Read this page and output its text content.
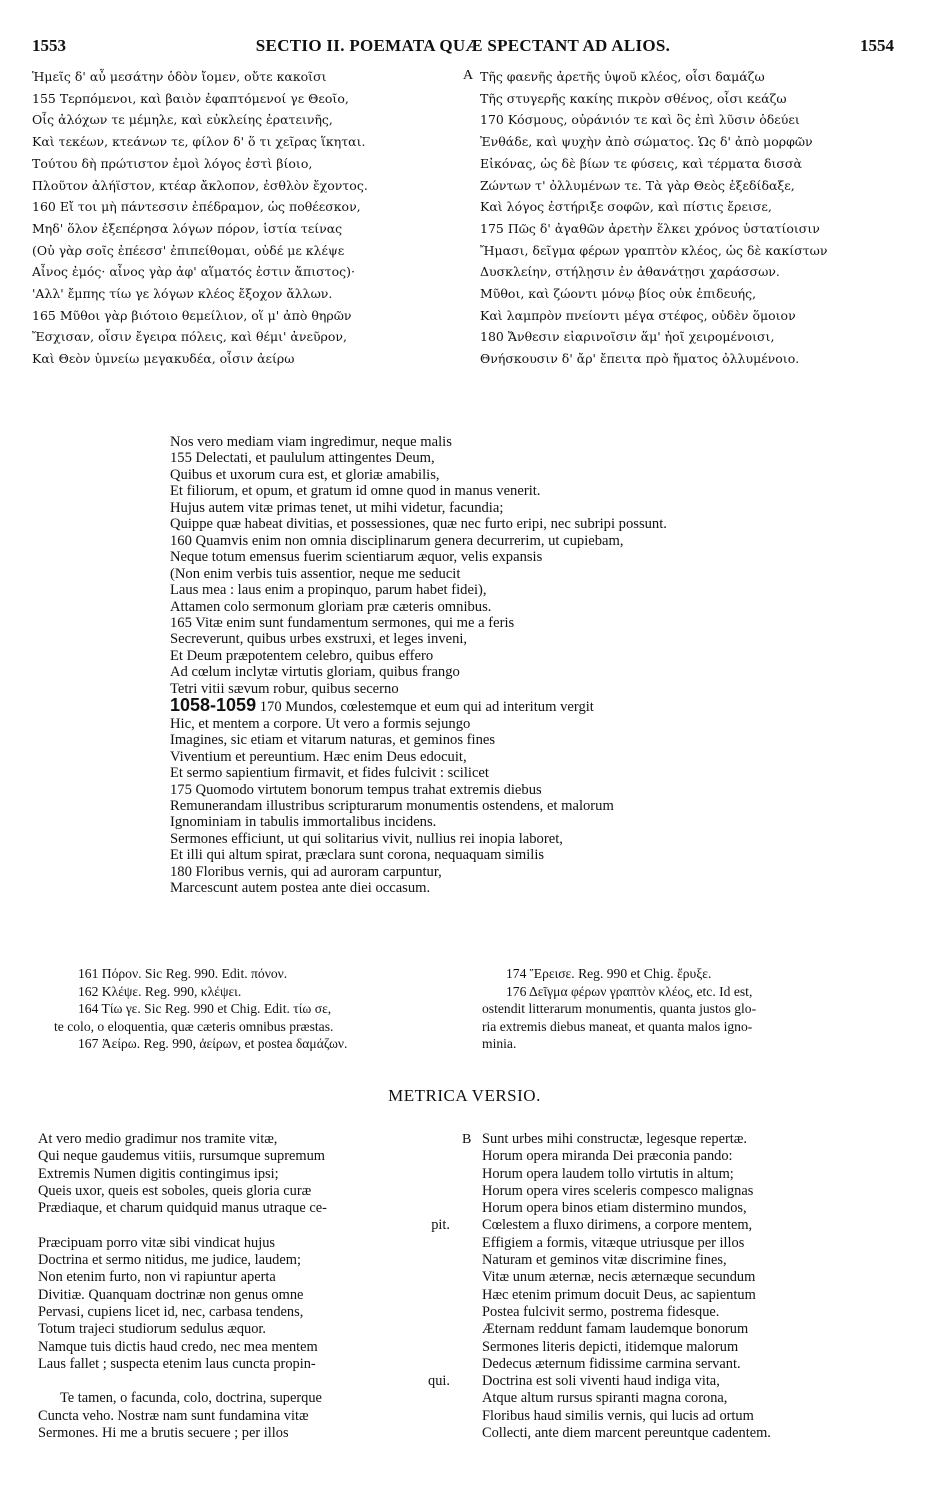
1553	SECTIO II. POEMATA QUÆ SPECTANT AD ALIOS.	1554
Ἡμεῖς δ' αὖ μεσάτην ὁδὸν ἴομεν, οὔτε κακοῖσι
155 Τερπόμενοι, καὶ βαιὸν ἐφαπτόμενοί γε Θεοῖο,
Οἷς ἀλόχων τε μέμηλε, καὶ εὐκλείης ἐρατεινῆς,
Καὶ τεκέων, κτεάνων τε, φίλον δ' ὅ τι χεῖρας ἵκηται.
Τούτου δὴ πρώτιστον ἐμοὶ λόγος ἐστὶ βίοιο,
Πλοῦτον ἀλήϊστον, κτέαρ ἄκλοπον, ἐσθλὸν ἔχοντος.
160 Εἴ τοι μὴ πάντεσσιν ἐπέδραμον, ὡς ποθέεσκον,
Μηδ' ὅλον ἐξεπέρησα λόγων πόρον, ἱστία τείνας
(Οὐ γὰρ σοῖς ἐπέεσσ' ἐπιπείθομαι, οὐδέ με κλέψε
Αἶνος ἐμός· αἶνος γὰρ ἀφ' αἵματός ἐστιν ἄπιστος)·
'Αλλ' ἔμπης τίω γε λόγων κλέος ἔξοχον ἄλλων.
165 Μῦθοι γὰρ βιότοιο θεμείλιον, οἵ μ' ἀπὸ θηρῶν
Ἔσχισαν, οἷσιν ἔγειρα πόλεις, καὶ θέμι' ἀνεῦρον,
Καὶ Θεὸν ὑμνείω μεγακυδέα, οἷσιν ἀείρω
A Τῆς φαενῆς ἀρετῆς ὑψοῦ κλέος, οἷσι δαμάζω
Τῆς στυγερῆς κακίης πικρὸν σθένος, οἷσι κεάζω
170 Κόσμους, οὐράνιόν τε καὶ ὃς ἐπὶ λῦσιν ὁδεύει
Ἐνθάδε, καὶ ψυχὴν ἀπὸ σώματος. Ὡς δ' ἀπὸ μορφῶν
Εἰκόνας, ὡς δὲ βίων τε φύσεις, καὶ τέρματα δισσὰ
Ζώντων τ' ὀλλυμένων τε. Τὰ γὰρ Θεὸς ἐξεδίδαξε,
Καὶ λόγος ἐστήριξε σοφῶν, καὶ πίστις ἔρεισε,
175 Πῶς δ' ἀγαθῶν ἀρετὴν ἕλκει χρόνος ὑστατίοισιν
Ἤμασι, δεῖγμα φέρων γραπτὸν κλέος, ὡς δὲ κακίστων
Δυσκλείην, στήλῃσιν ἐν ἀθανάτῃσι χαράσσων.
Μῦθοι, καὶ ζώοντι μόνῳ βίος οὐκ ἐπιδευής,
Καὶ λαμπρὸν πνείοντι μέγα στέφος, οὐδὲν ὅμοιον
180 Ἄνθεσιν εἰαρινοῖσιν ἅμ' ἠοῖ χειρομένοισι,
Θνήσκουσιν δ' ἄρ' ἔπειτα πρὸ ἤματος ὀλλυμένοιο.
Nos vero mediam viam ingredimur, neque malis
155 Delectati, et paululum attingentes Deum,
Quibus et uxorum cura est, et gloriæ amabilis,
Et filiorum, et opum, et gratum id omne quod in manus venerit.
Hujus autem vitæ primas tenet, ut mihi videtur, facundia;
Quippe quæ habeat divitias, et possessiones, quæ nec furto eripi, nec subripi possunt.
160 Quamvis enim non omnia disciplinarum genera decurrerim, ut cupiebam,
Neque totum emensus fuerim scientiarum æquor, velis expansis
(Non enim verbis tuis assentior, neque me seducit
Laus mea : laus enim a propinquo, parum habet fidei),
Attamen colo sermonum gloriam præ cæteris omnibus.
165 Vitæ enim sunt fundamentum sermones, qui me a feris
Secreverunt, quibus urbes exstruxi, et leges inveni,
Et Deum præpotentem celebro, quibus effero
Ad cœlum inclytæ virtutis gloriam, quibus frango
Tetri vitii sævum robur, quibus secerno
1058-1059 170 Mundos, cœlestemque et eum qui ad interitum vergit
Hic, et mentem a corpore. Ut vero a formis sejungo
Imagines, sic etiam et vitarum naturas, et geminos fines
Viventium et pereuntium. Hæc enim Deus edocuit,
Et sermo sapientium firmavit, et fides fulcivit : scilicet
175 Quomodo virtutem bonorum tempus trahat extremis diebus
Remunerandam illustribus scripturarum monumentis ostendens, et malorum
Ignominiam in tabulis immortalibus incidens.
Sermones efficiunt, ut qui solitarius vivit, nullius rei inopia laboret,
Et illi qui altum spirat, præclara sunt corona, nequaquam similis
180 Floribus vernis, qui ad auroram carpuntur,
Marcescunt autem postea ante diei occasum.
161 Πόρον. Sic Reg. 990. Edit. πόνον.
162 Κλέψε. Reg. 990, κλέψει.
164 Τίω γε. Sic Reg. 990 et Chig. Edit. τίω σε,
te colo, o eloquentia, quæ cæteris omnibus præstas.
167 Ἀείρω. Reg. 990, ἀείρων, et postea δαμάζων.
174 Ἔρεισε. Reg. 990 et Chig. ἔρυξε.
176 Δεῖγμα φέρων γραπτὸν κλέος, etc. Id est,
ostendit litterarum monumentis, quanta justos glo-
ria extremis diebus maneat, et quanta malos igno-
minia.
METRICA VERSIO.
At vero medio gradimur nos tramite vitæ,
Qui neque gaudemus vitiis, rursumque supremum
Extremis Numen digitis contingimus ipsi;
Queis uxor, queis est soboles, queis gloria curæ
Prædiaque, et charum quidquid manus utraque ce-
pit.
Præcipuam porro vitæ sibi vindicat hujus
Doctrina et sermo nitidus, me judice, laudem;
Non etenim furto, non vi rapiuntur aperta
Divitiæ. Quanquam doctrinæ non genus omne
Pervasi, cupiens licet id, nec, carbasa tendens,
Totum trajeci studiorum sedulus æquor.
Namque tuis dictis haud credo, nec mea mentem
Laus fallet ; suspecta etenim laus cuncta propin-
qui.
Te tamen, o facunda, colo, doctrina, superque
Cuncta veho. Nostræ nam sunt fundamina vitæ
Sermones. Hi me a brutis secuere ; per illos
B Sunt urbes mihi constructæ, legesque repertæ.
Horum opera miranda Dei præconia pando:
Horum opera laudem tollo virtutis in altum;
Horum opera vires sceleris compesco malignas
Horum opera binos etiam disterminο mundos,
Cœlestem a fluxo dirimens, a corpore mentem,
Effigiem a formis, vitæque utriusque per illos
Naturam et geminos vitæ discrimine fines,
Vitæ unum æternæ, necis æternæque secundum
Hæc etenim primum docuit Deus, ac sapientum
Postea fulcivit sermo, postrema fidesque.
Æternam reddunt famam laudemque bonorum
Sermones literis depicti, itidemque malorum
Dedecus æternum fidissime carmina servant.
Doctrina est soli viventi haud indiga vita,
Atque altum rursus spiranti magna corona,
Floribus haud similis vernis, qui lucis ad ortum
Collecti, ante diem marcent pereuntque cadentem.
